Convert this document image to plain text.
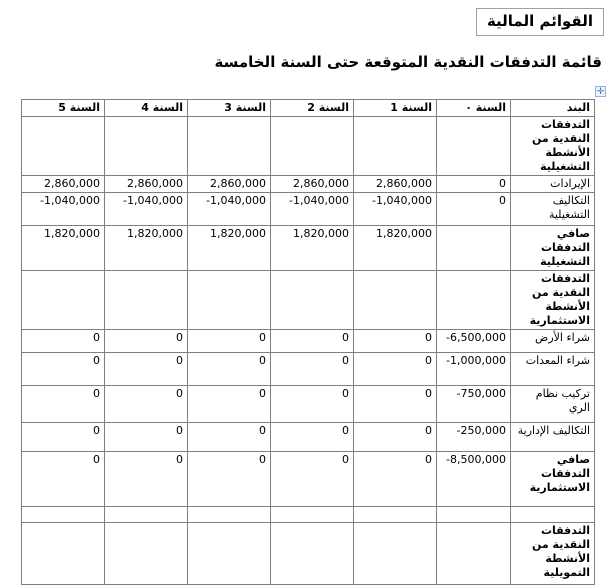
القوائم المالية
قائمة التدفقات النقدية المتوقعة حتى السنة الخامسة
✛
البند	السنة ٠	السنة 1	السنة 2	السنة 3	السنة 4	السنة 5
التدفقات النقدية من الأنشطة التشغيلية						
الإيرادات	0	2,860,000	2,860,000	2,860,000	2,860,000	2,860,000
التكاليف التشغيلية	0	-1,040,000	-1,040,000	-1,040,000	-1,040,000	-1,040,000
صافي التدفقات التشغيلية		1,820,000	1,820,000	1,820,000	1,820,000	1,820,000
التدفقات النقدية من الأنشطة الاستثمارية						
شراء الأرض	-6,500,000	0	0	0	0	0
شراء المعدات	-1,000,000	0	0	0	0	0
تركيب نظام الري	-750,000	0	0	0	0	0
التكاليف الإدارية	-250,000	0	0	0	0	0
صافي التدفقات الاستثمارية	-8,500,000	0	0	0	0	0

التدفقات النقدية من الأنشطة التمويلية						
